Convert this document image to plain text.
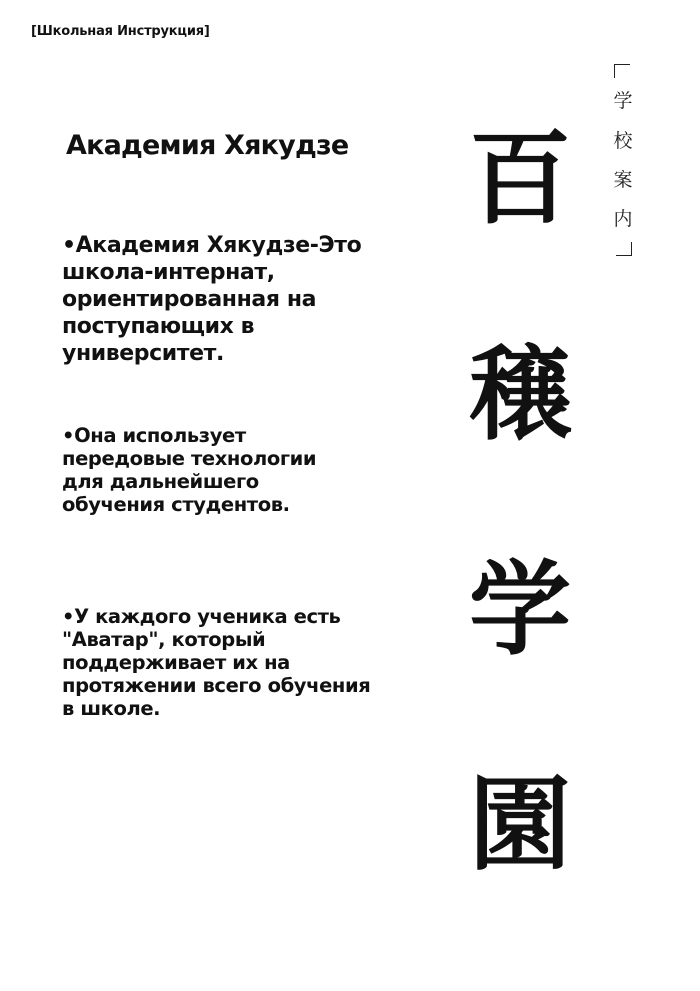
[Школьная Инструкция]
Академия Хякудзе
•Академия Хякудзе-Это
школа-интернат,
ориентированная на
поступающих в
университет.
•Она использует
передовые технологии
для дальнейшего
обучения студентов.
•У каждого ученика есть
"Аватар", который
поддерживает их на
протяжении всего обучения
в школе.
百
穣
学
園
学
校
案
内
